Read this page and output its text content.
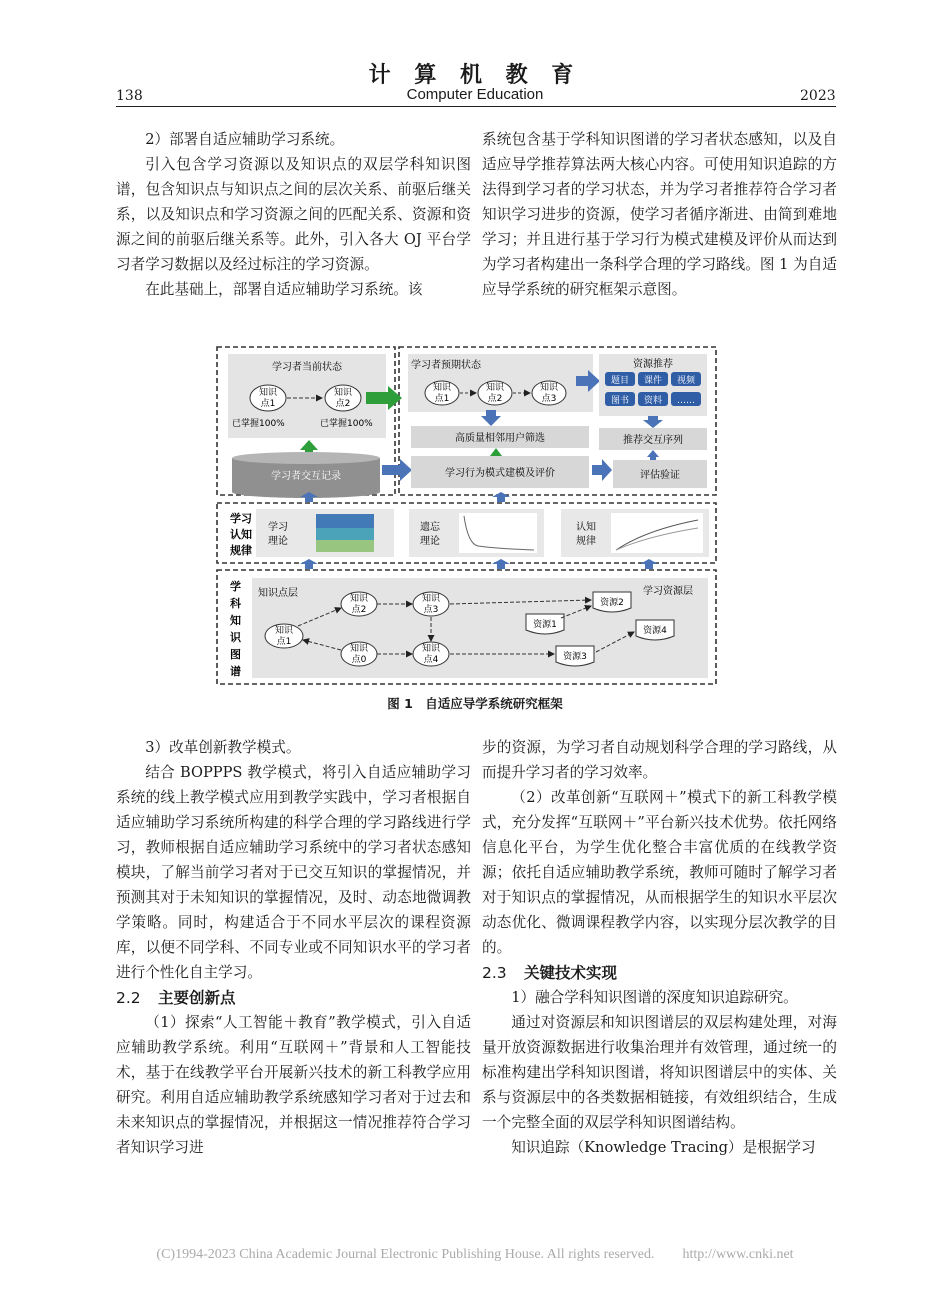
计 算 机 教 育
Computer Education
138	2023

2）部署自适应辅助学习系统。

引入包含学习资源以及知识点的双层学科知识图谱，包含知识点与知识点之间的层次关系、前驱后继关系，以及知识点和学习资源之间的匹配关系、资源和资源之间的前驱后继关系等。此外，引入各大 OJ 平台学习者学习数据以及经过标注的学习资源。

在此基础上，部署自适应辅助学习系统。该

系统包含基于学科知识图谱的学习者状态感知，以及自适应导学推荐算法两大核心内容。可使用知识追踪的方法得到学习者的学习状态，并为学习者推荐符合学习者知识学习进步的资源，使学习者循序渐进、由简到难地学习；并且进行基于学习行为模式建模及评价从而达到为学习者构建出一条科学合理的学习路线。图 1 为自适应导学系统的研究框架示意图。

学习者当前状态
知识
点1
知识
点2
已掌握100%	已掌握100%
学习者交互记录
学习者预期状态
知识
点1
知识
点2
知识
点3
高质量相邻用户筛选
学习行为模式建模及评价
资源推荐
题目 课件 视频
图书 资料 ……
推荐交互序列
评估验证
学习
认知
规律
学习
理论
遗忘
理论
认知
规律
学
科
知
识
图
谱
知识点层
知识
点1
知识
点2
知识
点3
知识
点0
知识
点4
学习资源层
资源1
资源2
资源3
资源4
图 1　自适应导学系统研究框架

3）改革创新教学模式。

结合 BOPPPS 教学模式，将引入自适应辅助学习系统的线上教学模式应用到教学实践中，学习者根据自适应辅助学习系统所构建的科学合理的学习路线进行学习，教师根据自适应辅助学习系统中的学习者状态感知模块，了解当前学习者对于已交互知识的掌握情况，并预测其对于未知知识的掌握情况，及时、动态地微调教学策略。同时，构建适合于不同水平层次的课程资源库，以便不同学科、不同专业或不同知识水平的学习者进行个性化自主学习。

2.2 主要创新点

（1）探索“人工智能＋教育”教学模式，引入自适应辅助教学系统。利用“互联网＋”背景和人工智能技术，基于在线教学平台开展新兴技术的新工科教学应用研究。利用自适应辅助教学系统感知学习者对于过去和未来知识点的掌握情况，并根据这一情况推荐符合学习者知识学习进

步的资源，为学习者自动规划科学合理的学习路线，从而提升学习者的学习效率。

（2）改革创新“互联网＋”模式下的新工科教学模式，充分发挥“互联网＋”平台新兴技术优势。依托网络信息化平台，为学生优化整合丰富优质的在线教学资源；依托自适应辅助教学系统，教师可随时了解学习者对于知识点的掌握情况，从而根据学生的知识水平层次动态优化、微调课程教学内容，以实现分层次教学的目的。

2.3 关键技术实现

1）融合学科知识图谱的深度知识追踪研究。

通过对资源层和知识图谱层的双层构建处理，对海量开放资源数据进行收集治理并有效管理，通过统一的标准构建出学科知识图谱，将知识图谱层中的实体、关系与资源层中的各类数据相链接，有效组织结合，生成一个完整全面的双层学科知识图谱结构。

知识追踪（Knowledge Tracing）是根据学习

(C)1994-2023 China Academic Journal Electronic Publishing House. All rights reserved.　　http://www.cnki.net
